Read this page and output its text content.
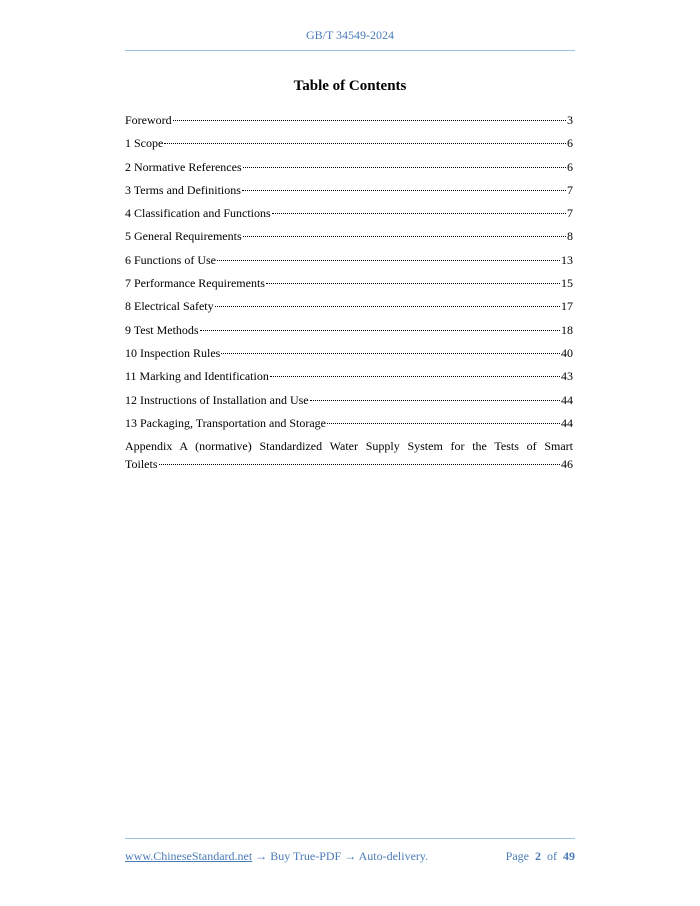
GB/T 34549-2024
Table of Contents
Foreword	3
1 Scope	6
2 Normative References	6
3 Terms and Definitions	7
4 Classification and Functions	7
5 General Requirements	8
6 Functions of Use	13
7 Performance Requirements	15
8 Electrical Safety	17
9 Test Methods	18
10 Inspection Rules	40
11 Marking and Identification	43
12 Instructions of Installation and Use	44
13 Packaging, Transportation and Storage	44
Appendix A (normative) Standardized Water Supply System for the Tests of Smart
Toilets	46
www.ChineseStandard.net → Buy True-PDF → Auto-delivery.	Page 2 of 49
